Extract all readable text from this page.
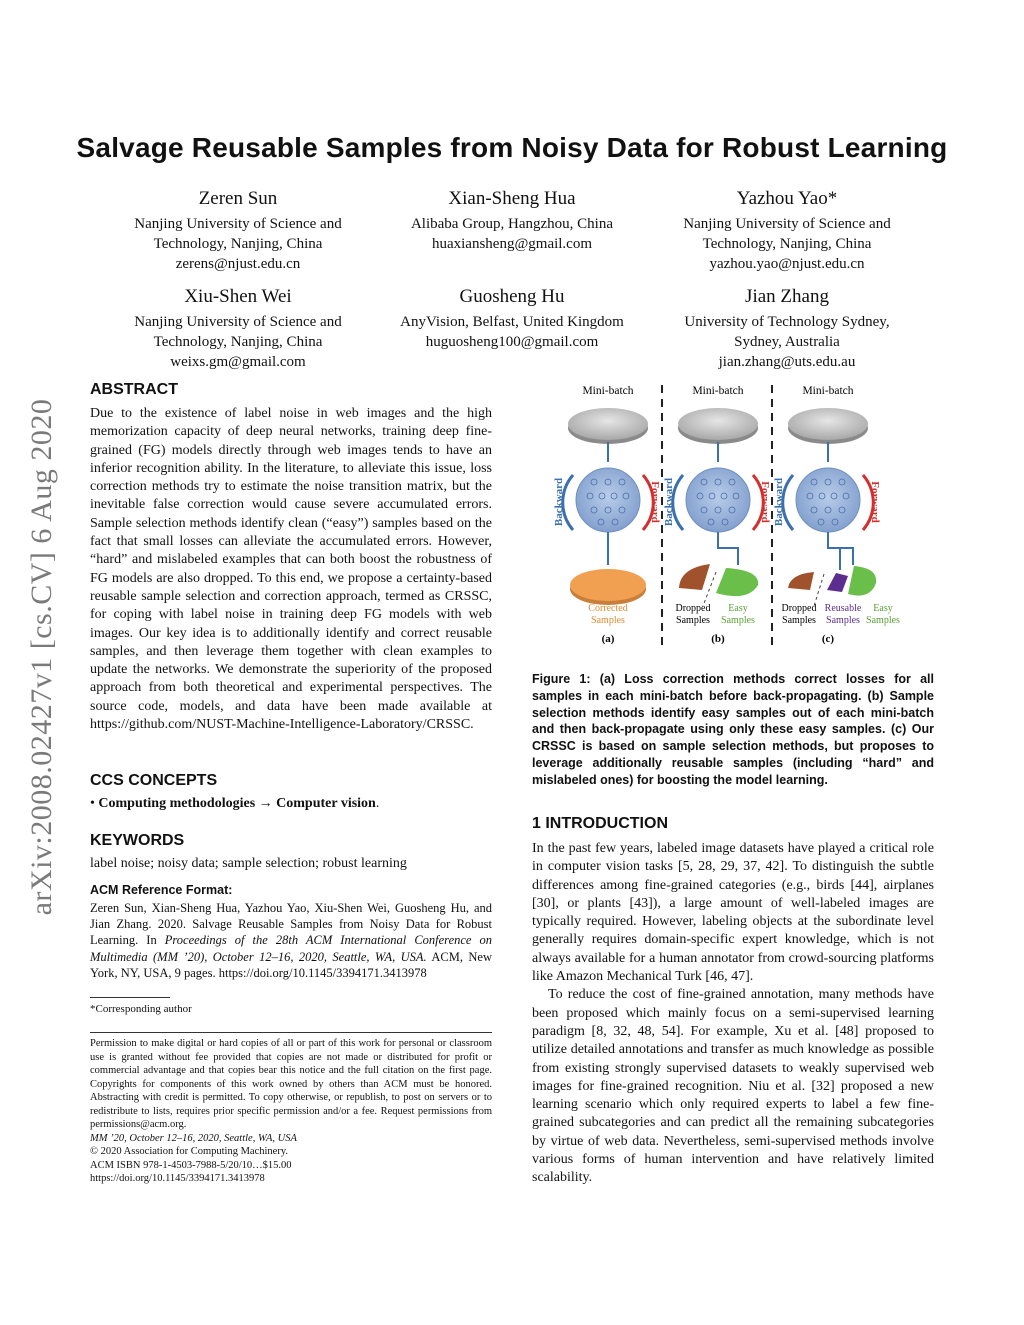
arXiv:2008.02427v1 [cs.CV] 6 Aug 2020
Salvage Reusable Samples from Noisy Data for Robust Learning
Zeren Sun
Nanjing University of Science and
Technology, Nanjing, China
zerens@njust.edu.cn
Xian-Sheng Hua
Alibaba Group, Hangzhou, China
huaxiansheng@gmail.com
Yazhou Yao*
Nanjing University of Science and
Technology, Nanjing, China
yazhou.yao@njust.edu.cn
Xiu-Shen Wei
Nanjing University of Science and
Technology, Nanjing, China
weixs.gm@gmail.com
Guosheng Hu
AnyVision, Belfast, United Kingdom
huguosheng100@gmail.com
Jian Zhang
University of Technology Sydney,
Sydney, Australia
jian.zhang@uts.edu.au
ABSTRACT
Due to the existence of label noise in web images and the high memorization capacity of deep neural networks, training deep fine-grained (FG) models directly through web images tends to have an inferior recognition ability. In the literature, to alleviate this issue, loss correction methods try to estimate the noise transition matrix, but the inevitable false correction would cause severe accumulated errors. Sample selection methods identify clean (“easy”) samples based on the fact that small losses can alleviate the accumulated errors. However, “hard” and mislabeled examples that can both boost the robustness of FG models are also dropped. To this end, we propose a certainty-based reusable sample selection and correction approach, termed as CRSSC, for coping with label noise in training deep FG models with web images. Our key idea is to additionally identify and correct reusable samples, and then leverage them together with clean examples to update the networks. We demonstrate the superiority of the proposed approach from both theoretical and experimental perspectives. The source code, models, and data have been made available at https://github.com/NUST-Machine-Intelligence-Laboratory/CRSSC.
CCS CONCEPTS
• Computing methodologies → Computer vision.
KEYWORDS
label noise; noisy data; sample selection; robust learning
ACM Reference Format:
Zeren Sun, Xian-Sheng Hua, Yazhou Yao, Xiu-Shen Wei, Guosheng Hu, and Jian Zhang. 2020. Salvage Reusable Samples from Noisy Data for Robust Learning. In Proceedings of the 28th ACM International Conference on Multimedia (MM ’20), October 12–16, 2020, Seattle, WA, USA. ACM, New York, NY, USA, 9 pages. https://doi.org/10.1145/3394171.3413978
*Corresponding author
Permission to make digital or hard copies of all or part of this work for personal or classroom use is granted without fee provided that copies are not made or distributed for profit or commercial advantage and that copies bear this notice and the full citation on the first page. Copyrights for components of this work owned by others than ACM must be honored. Abstracting with credit is permitted. To copy otherwise, or republish, to post on servers or to redistribute to lists, requires prior specific permission and/or a fee. Request permissions from permissions@acm.org.
MM ’20, October 12–16, 2020, Seattle, WA, USA
© 2020 Association for Computing Machinery.
ACM ISBN 978-1-4503-7988-5/20/10…$15.00
https://doi.org/10.1145/3394171.3413978
Mini-batch
Backward	Forward
Corrected
Samples
(a)
Mini-batch
Backward	Forward
Dropped
Samples
Easy
Samples
(b)
Mini-batch
Backward	Forward
Dropped
Samples
Reusable
Samples
Easy
Samples
(c)
Figure 1: (a) Loss correction methods correct losses for all samples in each mini-batch before back-propagating. (b) Sample selection methods identify easy samples out of each mini-batch and then back-propagate using only these easy samples. (c) Our CRSSC is based on sample selection methods, but proposes to leverage additionally reusable samples (including “hard” and mislabeled ones) for boosting the model learning.
1 INTRODUCTION
In the past few years, labeled image datasets have played a critical role in computer vision tasks [5, 28, 29, 37, 42]. To distinguish the subtle differences among fine-grained categories (e.g., birds [44], airplanes [30], or plants [43]), a large amount of well-labeled images are typically required. However, labeling objects at the subordinate level generally requires domain-specific expert knowledge, which is not always available for a human annotator from crowd-sourcing platforms like Amazon Mechanical Turk [46, 47].
To reduce the cost of fine-grained annotation, many methods have been proposed which mainly focus on a semi-supervised learning paradigm [8, 32, 48, 54]. For example, Xu et al. [48] proposed to utilize detailed annotations and transfer as much knowledge as possible from existing strongly supervised datasets to weakly supervised web images for fine-grained recognition. Niu et al. [32] proposed a new learning scenario which only required experts to label a few fine-grained subcategories and can predict all the remaining subcategories by virtue of web data. Nevertheless, semi-supervised methods involve various forms of human intervention and have relatively limited scalability.
